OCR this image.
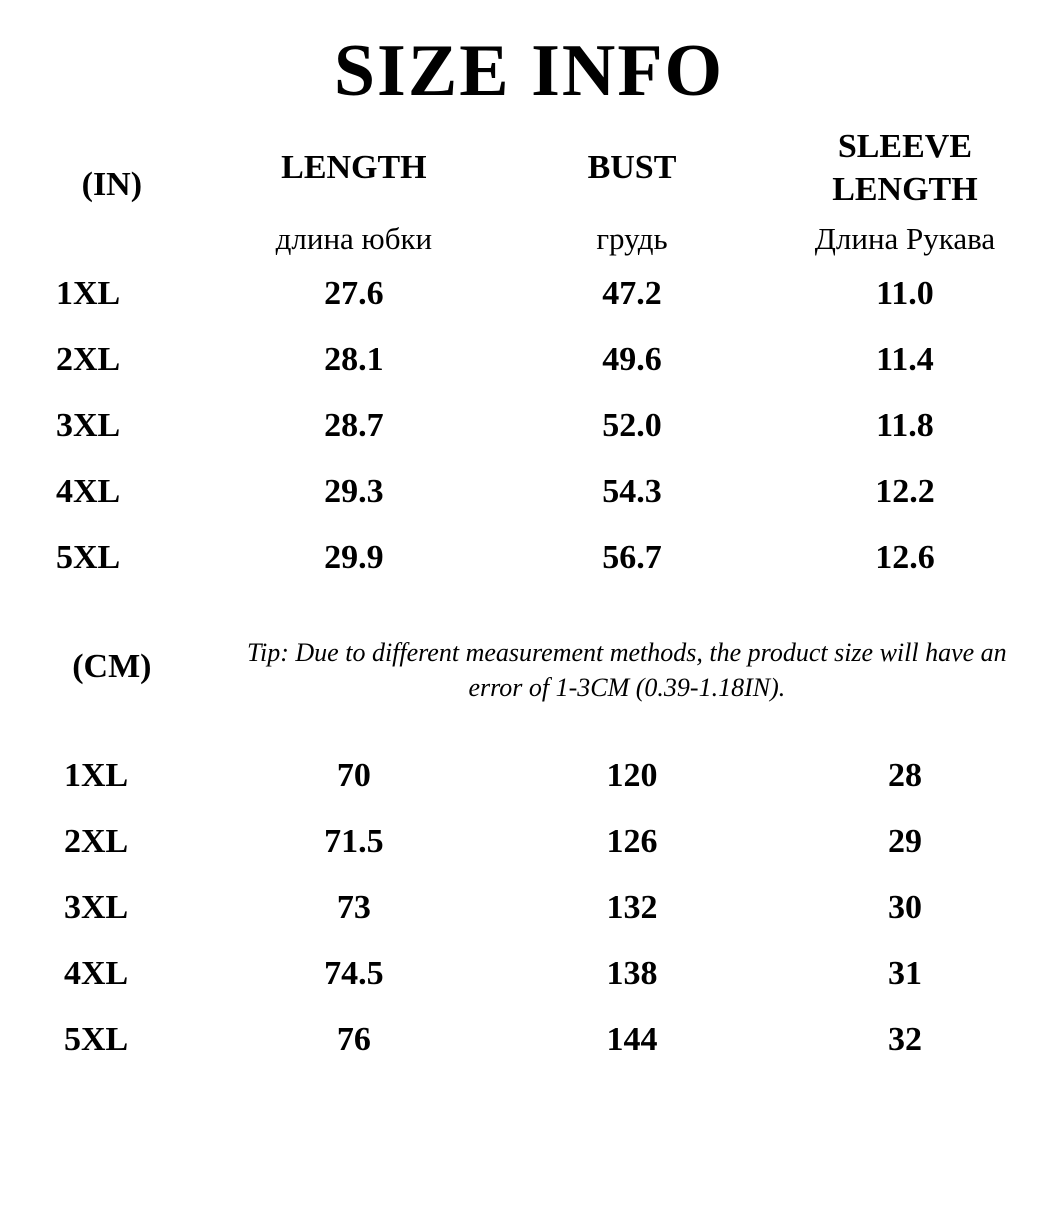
SIZE INFO
(IN)	LENGTH	BUST	SLEEVE LENGTH
	длина юбки	грудь	Длина Рукава
1XL	27.6	47.2	11.0
2XL	28.1	49.6	11.4
3XL	28.7	52.0	11.8
4XL	29.3	54.3	12.2
5XL	29.9	56.7	12.6

(CM)	Tip: Due to different measurement methods, the product size will have an error of 1-3CM (0.39-1.18IN).		

1XL	70	120	28
2XL	71.5	126	29
3XL	73	132	30
4XL	74.5	138	31
5XL	76	144	32
